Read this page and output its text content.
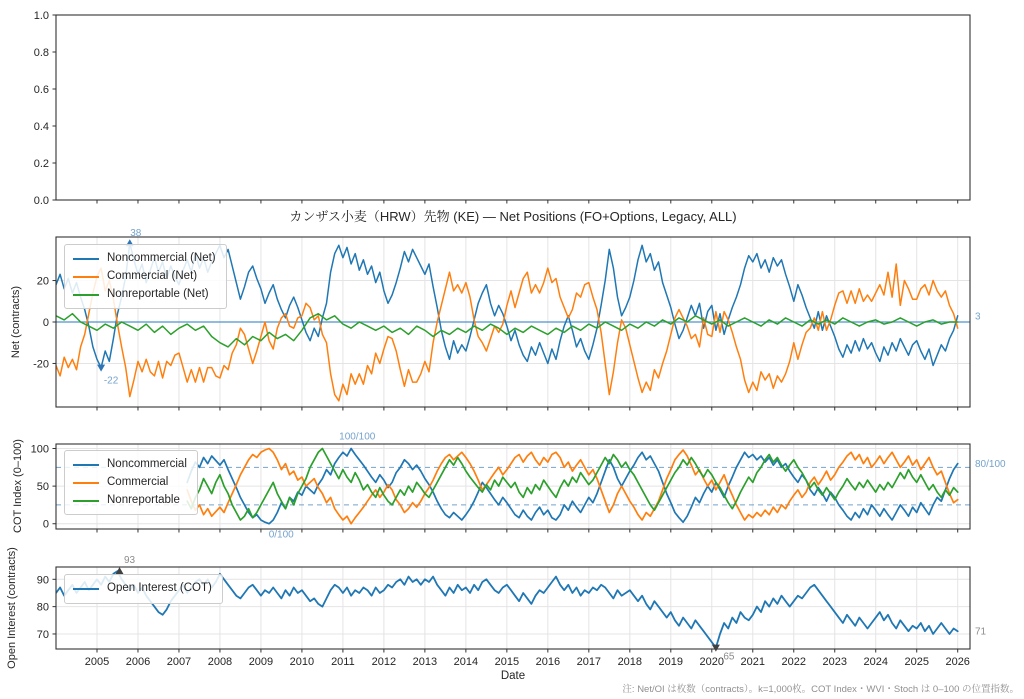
0.0
0.2
0.4
0.6
0.8
1.0
-20
0
20
38
-22
3
0
50
100
100/100
0/100
80/100
70
80
90
2005 2006 2007 2008 2009 2010 2011 2012 2013 2014 2015 2016 2017 2018 2019 2020 2021 2022 2023 2024 2025 2026
93
65
71
カンザス小麦（HRW）先物 (KE) — Net Positions (FO+Options, Legacy, ALL)
Net (contracts)
COT Index (0–100)
Open Interest (contracts)
Date
注: Net/OI は枚数（contracts）。k=1,000枚。COT Index・WVI・Stoch は 0–100 の位置指数。
Noncommercial (Net)
Commercial (Net)
Nonreportable (Net)
Noncommercial
Commercial
Nonreportable
Open Interest (COT)
